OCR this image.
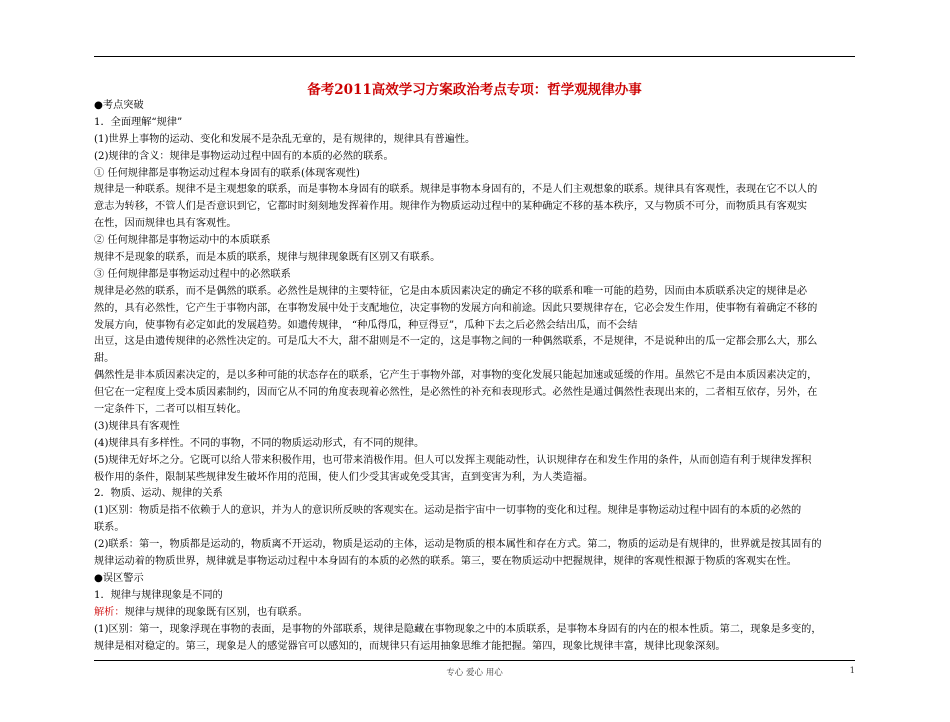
备考2011高效学习方案政治考点专项：哲学观规律办事
●考点突破
1．全面理解“规律”
(1)世界上事物的运动、变化和发展不是杂乱无章的，是有规律的，规律具有普遍性。
(2)规律的含义：规律是事物运动过程中固有的本质的必然的联系。
① 任何规律都是事物运动过程本身固有的联系(体现客观性)
规律是一种联系。规律不是主观想象的联系，而是事物本身固有的联系。规律是事物本身固有的，不是人们主观想象的联系。规律具有客观性，表现在它不以人的
意志为转移，不管人们是否意识到它，它都时时刻刻地发挥着作用。规律作为物质运动过程中的某种确定不移的基本秩序，又与物质不可分，而物质具有客观实
在性，因而规律也具有客观性。
② 任何规律都是事物运动中的本质联系
规律不是现象的联系，而是本质的联系，规律与规律现象既有区别又有联系。
③ 任何规律都是事物运动过程中的必然联系
规律是必然的联系，而不是偶然的联系。必然性是规律的主要特征，它是由本质因素决定的确定不移的联系和唯一可能的趋势，因而由本质联系决定的规律是必
然的，具有必然性，它产生于事物内部，在事物发展中处于支配地位，决定事物的发展方向和前途。因此只要规律存在，它必会发生作用，使事物有着确定不移的
发展方向，使事物有必定如此的发展趋势。如遗传规律， “种瓜得瓜，种豆得豆”，瓜种下去之后必然会结出瓜，而不会结
出豆，这是由遗传规律的必然性决定的。可是瓜大不大，甜不甜则是不一定的，这是事物之间的一种偶然联系，不是规律，不是说种出的瓜一定都会那么大，那么
甜。
偶然性是非本质因素决定的，是以多种可能的状态存在的联系，它产生于事物外部，对事物的变化发展只能起加速或延缓的作用。虽然它不是由本质因素决定的，
但它在一定程度上受本质因素制约，因而它从不同的角度表现着必然性，是必然性的补充和表现形式。必然性是通过偶然性表现出来的，二者相互依存，另外，在
一定条件下，二者可以相互转化。
(3)规律具有客观性
(4)规律具有多样性。不同的事物，不同的物质运动形式，有不同的规律。
(5)规律无好坏之分。它既可以给人带来积极作用，也可带来消极作用。但人可以发挥主观能动性，认识规律存在和发生作用的条件，从而创造有利于规律发挥积
极作用的条件，限制某些规律发生破坏作用的范围，使人们少受其害或免受其害，直到变害为利，为人类造福。
2．物质、运动、规律的关系
(1)区别：物质是指不依赖于人的意识，并为人的意识所反映的客观实在。运动是指宇宙中一切事物的变化和过程。规律是事物运动过程中固有的本质的必然的
联系。
(2)联系：第一，物质都是运动的，物质离不开运动，物质是运动的主体，运动是物质的根本属性和存在方式。第二，物质的运动是有规律的，世界就是按其固有的
规律运动着的物质世界，规律就是事物运动过程中本身固有的本质的必然的联系。第三，要在物质运动中把握规律，规律的客观性根源于物质的客观实在性。
●误区警示
1．规律与规律现象是不同的
解析：规律与规律的现象既有区别，也有联系。
(1)区别：第一，现象浮现在事物的表面，是事物的外部联系，规律是隐藏在事物现象之中的本质联系，是事物本身固有的内在的根本性质。第二，现象是多变的，
规律是相对稳定的。第三，现象是人的感觉器官可以感知的，而规律只有运用抽象思维才能把握。第四，现象比规律丰富，规律比现象深刻。
专心 爱心 用心	1
